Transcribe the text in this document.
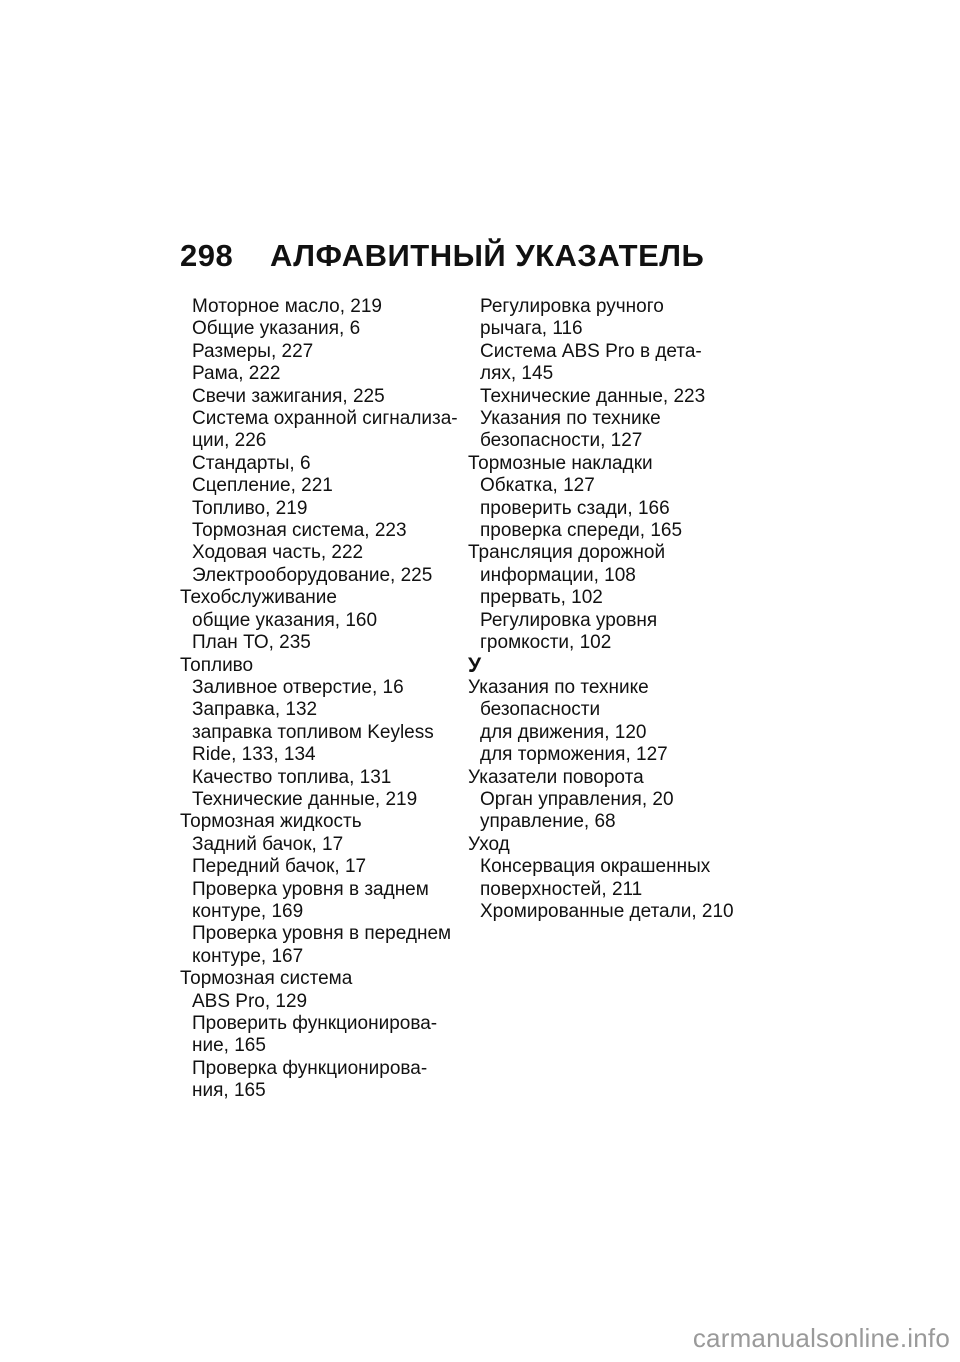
298	АЛФАВИТНЫЙ УКАЗАТЕЛЬ
Моторное масло, 219
Общие указания, 6
Размеры, 227
Рама, 222
Свечи зажигания, 225
Система охранной сигнализа-
ции, 226
Стандарты, 6
Сцепление, 221
Топливо, 219
Тормозная система, 223
Ходовая часть, 222
Электрооборудование, 225
Техобслуживание
общие указания, 160
План ТО, 235
Топливо
Заливное отверстие, 16
Заправка, 132
заправка топливом Keyless
Ride, 133, 134
Качество топлива, 131
Технические данные, 219
Тормозная жидкость
Задний бачок, 17
Передний бачок, 17
Проверка уровня в заднем
контуре, 169
Проверка уровня в переднем
контуре, 167
Тормозная система
ABS Pro, 129
Проверить функционирова-
ние, 165
Проверка функционирова-
ния, 165
Регулировка ручного
рычага, 116
Система ABS Pro в дета-
лях, 145
Технические данные, 223
Указания по технике
безопасности, 127
Тормозные накладки
Обкатка, 127
проверить сзади, 166
проверка спереди, 165
Трансляция дорожной
информации, 108
прервать, 102
Регулировка уровня
громкости, 102
У
Указания по технике
безопасности
для движения, 120
для торможения, 127
Указатели поворота
Орган управления, 20
управление, 68
Уход
Консервация окрашенных
поверхностей, 211
Хромированные детали, 210
carmanualsonline.info
